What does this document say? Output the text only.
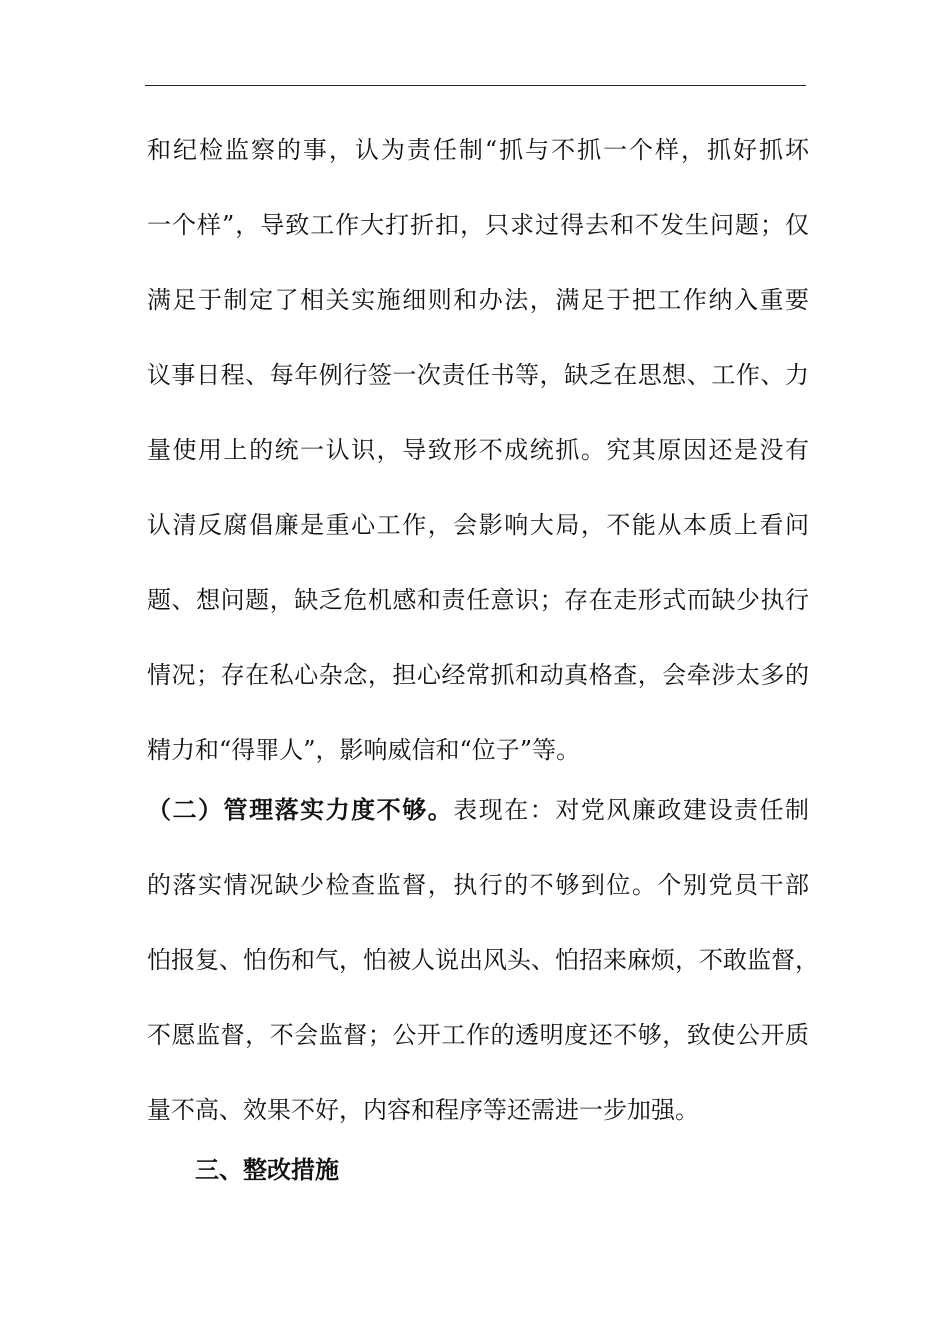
和纪检监察的事，认为责任制“抓与不抓一个样，抓好抓坏
一个样”，导致工作大打折扣，只求过得去和不发生问题；仅
满足于制定了相关实施细则和办法，满足于把工作纳入重要
议事日程、每年例行签一次责任书等，缺乏在思想、工作、力
量使用上的统一认识，导致形不成统抓。究其原因还是没有
认清反腐倡廉是重心工作，会影响大局，不能从本质上看问
题、想问题，缺乏危机感和责任意识；存在走形式而缺少执行
情况；存在私心杂念，担心经常抓和动真格查，会牵涉太多的
精力和“得罪人”，影响威信和“位子”等。
（二）管理落实力度不够。表现在：对党风廉政建设责任制
的落实情况缺少检查监督，执行的不够到位。个别党员干部
怕报复、怕伤和气，怕被人说出风头、怕招来麻烦，不敢监督，
不愿监督，不会监督；公开工作的透明度还不够，致使公开质
量不高、效果不好，内容和程序等还需进一步加强。
三、整改措施
